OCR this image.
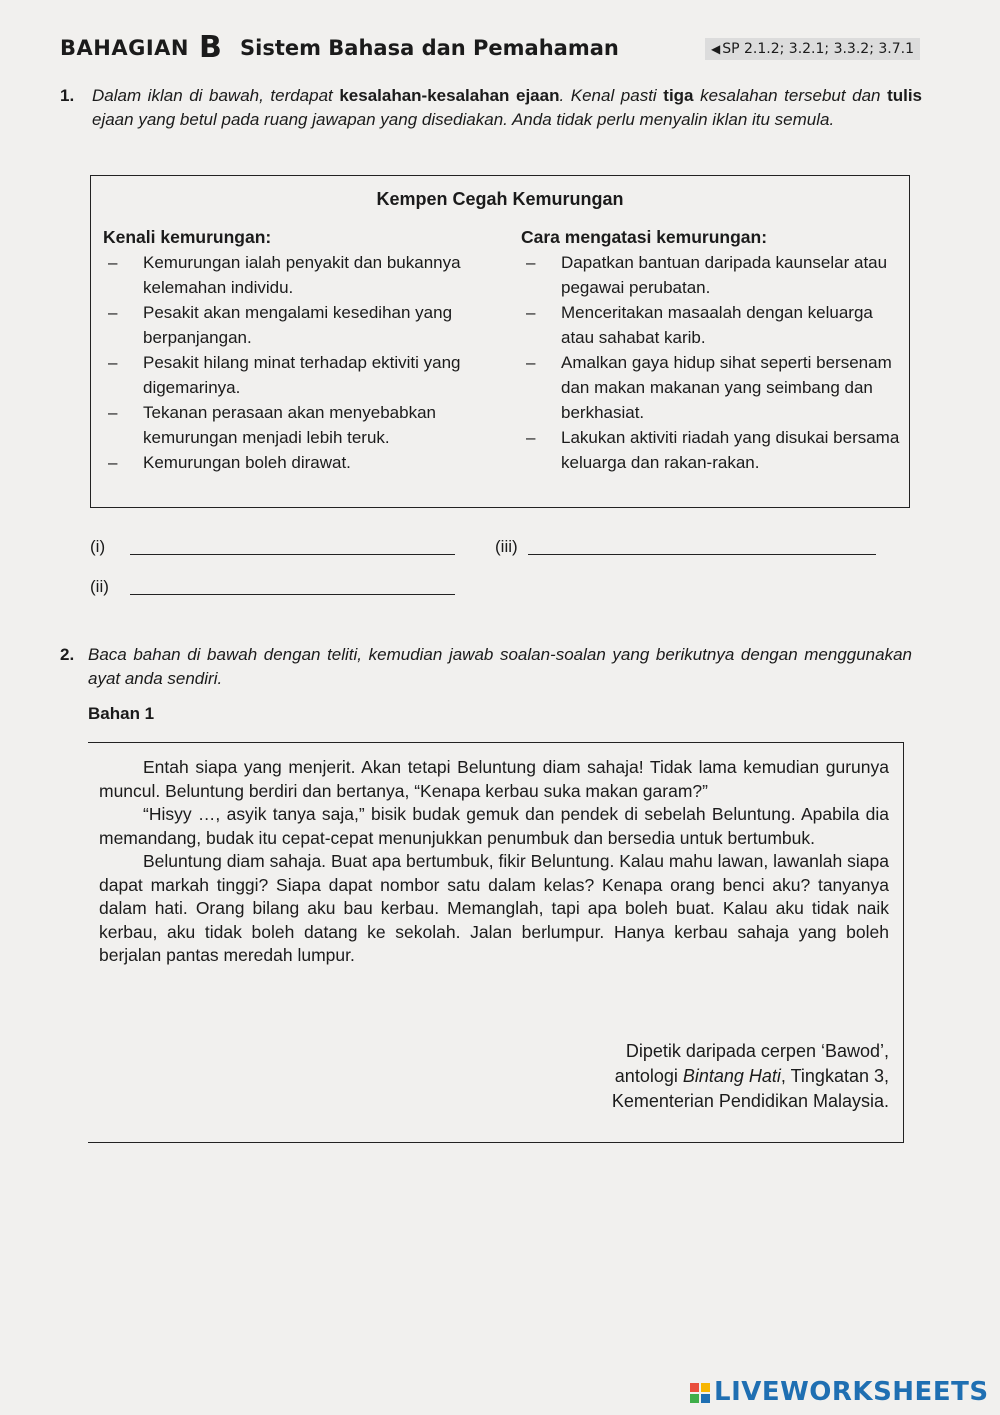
BAHAGIAN B Sistem Bahasa dan Pemahaman	◀ SP 2.1.2; 3.2.1; 3.3.2; 3.7.1
1.	Dalam iklan di bawah, terdapat kesalahan-kesalahan ejaan. Kenal pasti tiga kesalahan tersebut dan tulis ejaan yang betul pada ruang jawapan yang disediakan. Anda tidak perlu menyalin iklan itu semula.
Kempen Cegah Kemurungan
Kenali kemurungan:
– Kemurungan ialah penyakit dan bukannya kelemahan individu.
– Pesakit akan mengalami kesedihan yang berpanjangan.
– Pesakit hilang minat terhadap ektiviti yang digemarinya.
– Tekanan perasaan akan menyebabkan kemurungan menjadi lebih teruk.
– Kemurungan boleh dirawat.
Cara mengatasi kemurungan:
– Dapatkan bantuan daripada kaunselar atau pegawai perubatan.
– Menceritakan masaalah dengan keluarga atau sahabat karib.
– Amalkan gaya hidup sihat seperti bersenam dan makan makanan yang seimbang dan berkhasiat.
– Lakukan aktiviti riadah yang disukai bersama keluarga dan rakan-rakan.
(i)	(iii)
(ii)
2. Baca bahan di bawah dengan teliti, kemudian jawab soalan-soalan yang berikutnya dengan menggunakan ayat anda sendiri.
Bahan 1

Entah siapa yang menjerit. Akan tetapi Beluntung diam sahaja! Tidak lama kemudian gurunya muncul. Beluntung berdiri dan bertanya, “Kenapa kerbau suka makan garam?”

“Hisyy …, asyik tanya saja,” bisik budak gemuk dan pendek di sebelah Beluntung. Apabila dia memandang, budak itu cepat-cepat menunjukkan penumbuk dan bersedia untuk bertumbuk.

Beluntung diam sahaja. Buat apa bertumbuk, fikir Beluntung. Kalau mahu lawan, lawanlah siapa dapat markah tinggi? Siapa dapat nombor satu dalam kelas? Kenapa orang benci aku? tanyanya dalam hati. Orang bilang aku bau kerbau. Memanglah, tapi apa boleh buat. Kalau aku tidak naik kerbau, aku tidak boleh datang ke sekolah. Jalan berlumpur. Hanya kerbau sahaja yang boleh berjalan pantas meredah lumpur.

Dipetik daripada cerpen ‘Bawod’,
antologi Bintang Hati, Tingkatan 3,
Kementerian Pendidikan Malaysia.
LIVEWORKSHEETS
